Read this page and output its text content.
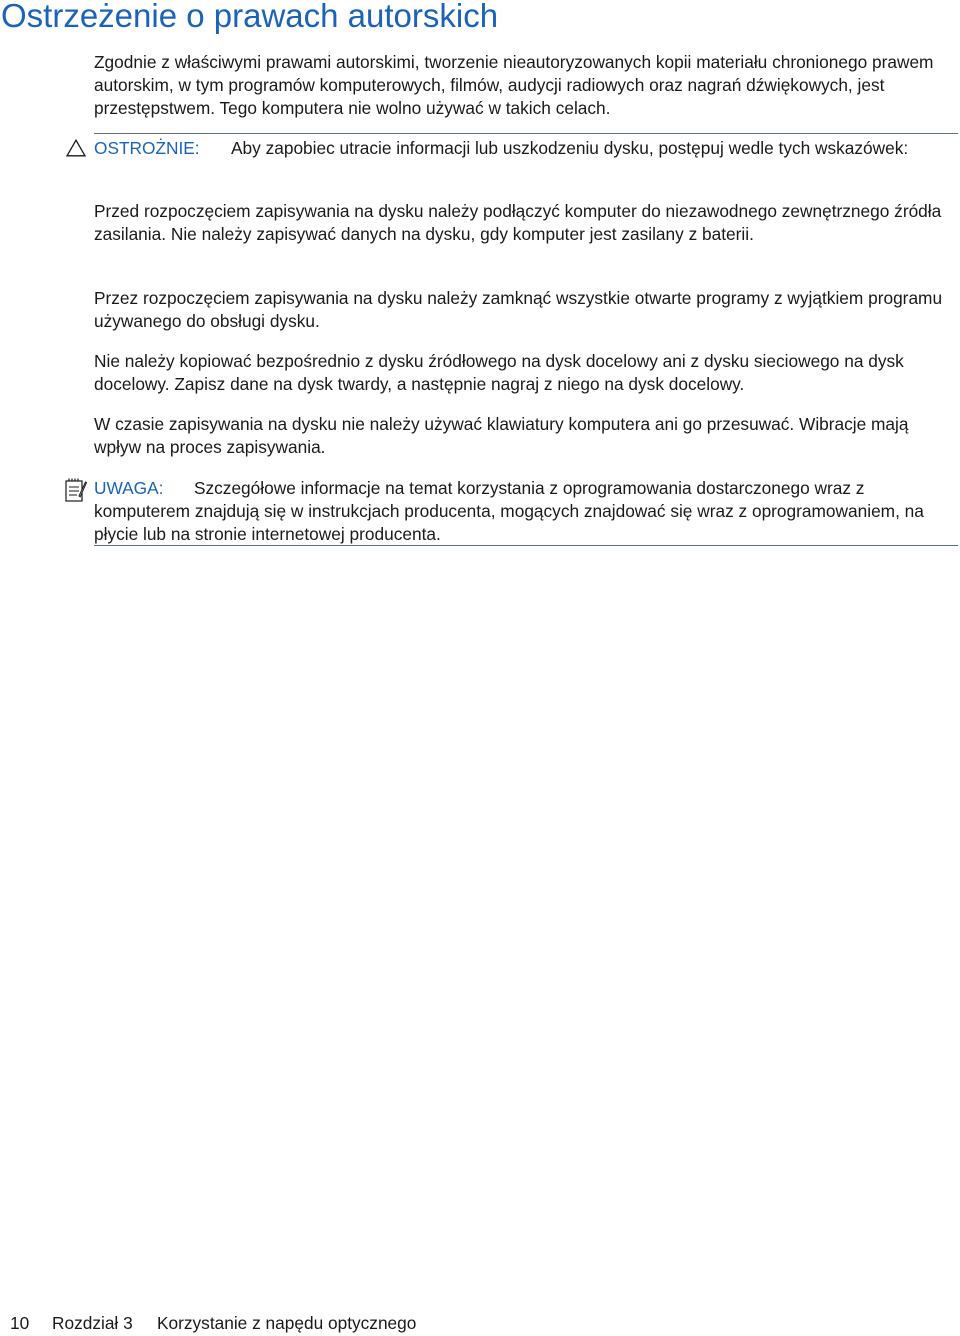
Ostrzeżenie o prawach autorskich

Zgodnie z właściwymi prawami autorskimi, tworzenie nieautoryzowanych kopii materiału chronionego prawem autorskim, w tym programów komputerowych, filmów, audycji radiowych oraz nagrań dźwiękowych, jest przestępstwem. Tego komputera nie wolno używać w takich celach.

OSTROŻNIE: Aby zapobiec utracie informacji lub uszkodzeniu dysku, postępuj wedle tych wskazówek:

Przed rozpoczęciem zapisywania na dysku należy podłączyć komputer do niezawodnego zewnętrznego źródła zasilania. Nie należy zapisywać danych na dysku, gdy komputer jest zasilany z baterii.

Przez rozpoczęciem zapisywania na dysku należy zamknąć wszystkie otwarte programy z wyjątkiem programu używanego do obsługi dysku.

Nie należy kopiować bezpośrednio z dysku źródłowego na dysk docelowy ani z dysku sieciowego na dysk docelowy. Zapisz dane na dysk twardy, a następnie nagraj z niego na dysk docelowy.

W czasie zapisywania na dysku nie należy używać klawiatury komputera ani go przesuwać. Wibracje mają wpływ na proces zapisywania.

UWAGA: Szczegółowe informacje na temat korzystania z oprogramowania dostarczonego wraz z komputerem znajdują się w instrukcjach producenta, mogących znajdować się wraz z oprogramowaniem, na płycie lub na stronie internetowej producenta.
10 Rozdział 3 Korzystanie z napędu optycznego
